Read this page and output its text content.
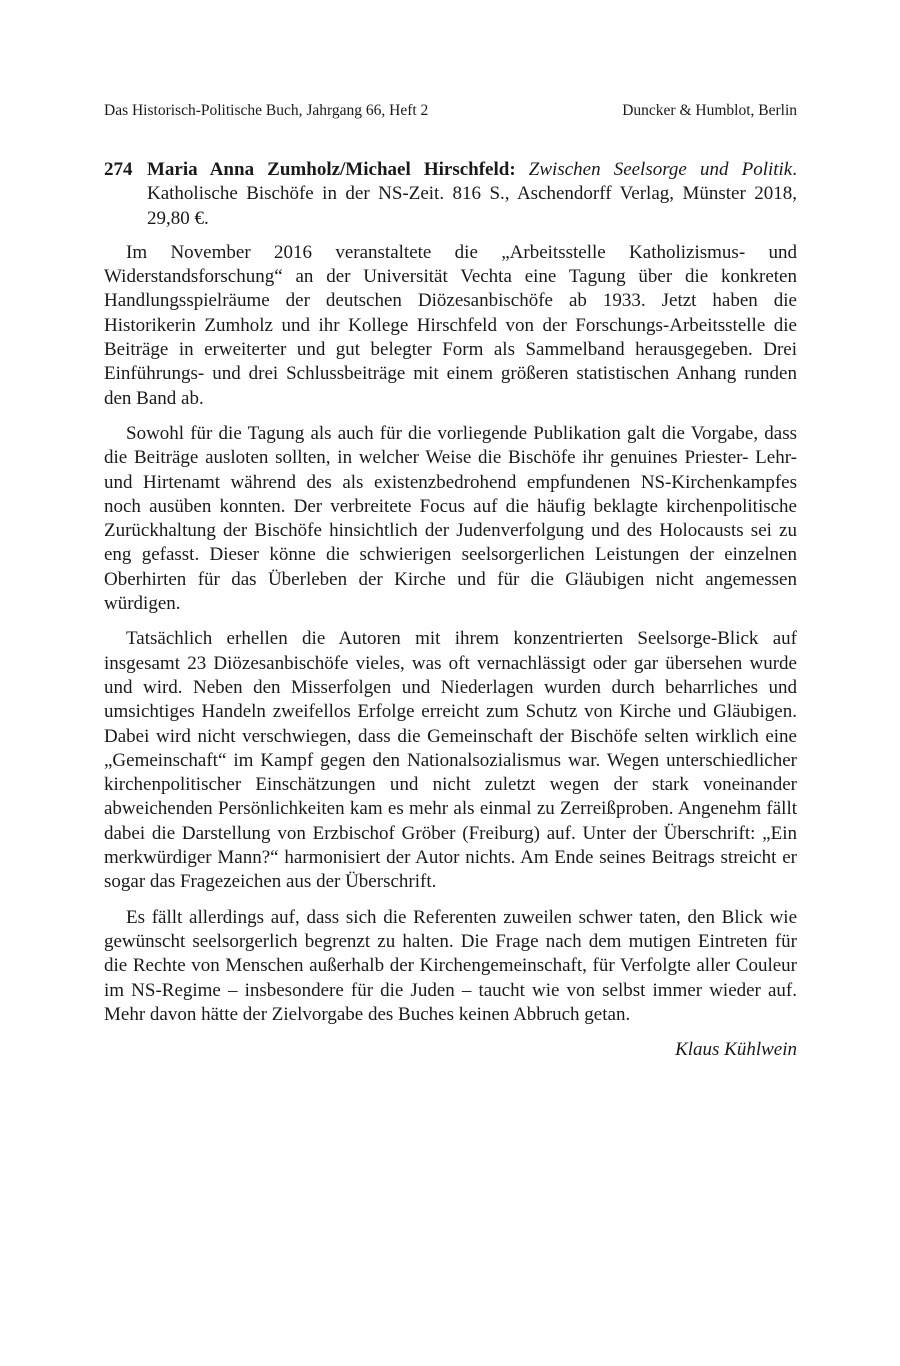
Das Historisch-Politische Buch, Jahrgang 66, Heft 2	Duncker & Humblot, Berlin
274 Maria Anna Zumholz/Michael Hirschfeld: Zwischen Seelsorge und Politik. Katholische Bischöfe in der NS-Zeit. 816 S., Aschendorff Verlag, Münster 2018, 29,80 €.

Im November 2016 veranstaltete die „Arbeitsstelle Katholizismus- und Widerstandsforschung“ an der Universität Vechta eine Tagung über die konkreten Handlungsspielräume der deutschen Diözesanbischöfe ab 1933. Jetzt haben die Historikerin Zumholz und ihr Kollege Hirschfeld von der Forschungs-Arbeitsstelle die Beiträge in erweiterter und gut belegter Form als Sammelband herausgegeben. Drei Einführungs- und drei Schlussbeiträge mit einem größeren statistischen Anhang runden den Band ab.

Sowohl für die Tagung als auch für die vorliegende Publikation galt die Vorgabe, dass die Beiträge ausloten sollten, in welcher Weise die Bischöfe ihr genuines Priester- Lehr- und Hirtenamt während des als existenzbedrohend empfundenen NS-Kirchenkampfes noch ausüben konnten. Der verbreitete Focus auf die häufig beklagte kirchenpolitische Zurückhaltung der Bischöfe hinsichtlich der Judenverfolgung und des Holocausts sei zu eng gefasst. Dieser könne die schwierigen seelsorgerlichen Leistungen der einzelnen Oberhirten für das Überleben der Kirche und für die Gläubigen nicht angemessen würdigen.

Tatsächlich erhellen die Autoren mit ihrem konzentrierten Seelsorge-Blick auf insgesamt 23 Diözesanbischöfe vieles, was oft vernachlässigt oder gar übersehen wurde und wird. Neben den Misserfolgen und Niederlagen wurden durch beharrliches und umsichtiges Handeln zweifellos Erfolge erreicht zum Schutz von Kirche und Gläubigen. Dabei wird nicht verschwiegen, dass die Gemeinschaft der Bischöfe selten wirklich eine „Gemeinschaft“ im Kampf gegen den Nationalsozialismus war. Wegen unterschiedlicher kirchenpolitischer Einschätzungen und nicht zuletzt wegen der stark voneinander abweichenden Persönlichkeiten kam es mehr als einmal zu Zerreißproben. Angenehm fällt dabei die Darstellung von Erzbischof Gröber (Freiburg) auf. Unter der Überschrift: „Ein merkwürdiger Mann?“ harmonisiert der Autor nichts. Am Ende seines Beitrags streicht er sogar das Fragezeichen aus der Überschrift.

Es fällt allerdings auf, dass sich die Referenten zuweilen schwer taten, den Blick wie gewünscht seelsorgerlich begrenzt zu halten. Die Frage nach dem mutigen Eintreten für die Rechte von Menschen außerhalb der Kirchengemeinschaft, für Verfolgte aller Couleur im NS-Regime – insbesondere für die Juden – taucht wie von selbst immer wieder auf. Mehr davon hätte der Zielvorgabe des Buches keinen Abbruch getan.

Klaus Kühlwein
